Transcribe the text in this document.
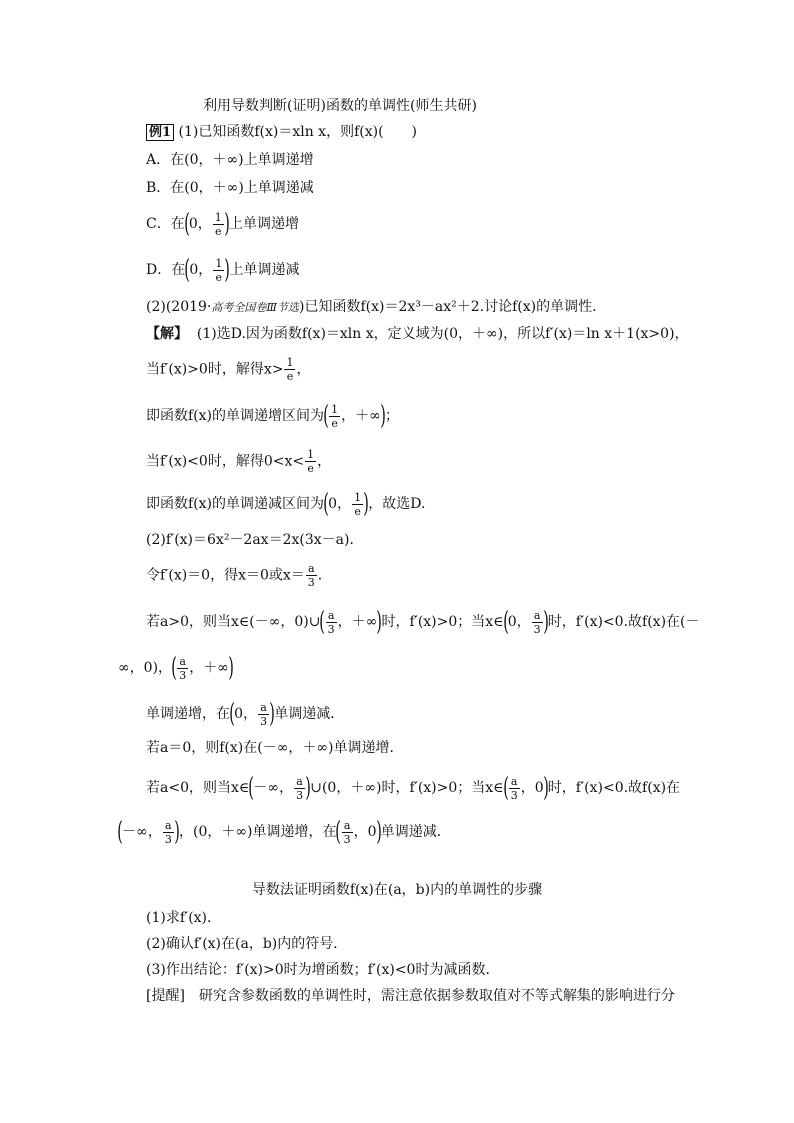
利用导数判断(证明)函数的单调性(师生共研)
例1 (1)已知函数f(x)＝xln x，则f(x)(　　)
A．在(0，＋∞)上单调递增
B．在(0，＋∞)上单调递减
C．在(0， $\frac{1}{e}$ )上单调递增
D．在(0， $\frac{1}{e}$ )上单调递减
(2)(2019·高考全国卷Ⅲ节选)已知函数f(x)＝2x³－ax²＋2.讨论f(x)的单调性．
【解】 (1)选D.因为函数f(x)＝xln x，定义域为(0，＋∞)，所以f′(x)＝ln x＋1(x>0)，
当f′(x)>0时，解得$x> \frac{1}{e}$ ，
即函数f(x)的单调递增区间为( $\frac{1}{e}$ ，＋∞)；
当f′(x)<0时，解得$0<x< \frac{1}{e}$ ，
即函数f(x)的单调递减区间为(0， $\frac{1}{e}$ )，故选D.
(2)f′(x)＝6x²－2ax＝2x(3x－a)．
令f′(x)＝0，得x＝0或$x= \frac{a}{3}$ .
若a>0，则当x∈(－∞，0)∪( $\frac{a}{3}$ ，＋∞)时，f′(x)>0；当x∈(0， $\frac{a}{3}$ )时，f′(x)<0.故f(x)在(－
∞，0)，( $\frac{a}{3}$ ，＋∞)
单调递增，在(0， $\frac{a}{3}$ )单调递减．
若a＝0，则f(x)在(－∞，＋∞)单调递增．
若a<0，则当x∈(－∞， $\frac{a}{3}$ )∪(0，＋∞)时，f′(x)>0；当x∈( $\frac{a}{3}$ ，0)时，f′(x)<0.故f(x)在
(－∞， $\frac{a}{3}$ )，(0，＋∞)单调递增，在( $\frac{a}{3}$ ，0)单调递减．
导数法证明函数f(x)在(a，b)内的单调性的步骤
(1)求f′(x)．
(2)确认f′(x)在(a，b)内的符号．
(3)作出结论：f′(x)>0时为增函数；f′(x)<0时为减函数．
[提醒]　研究含参数函数的单调性时，需注意依据参数取值对不等式解集的影响进行分
